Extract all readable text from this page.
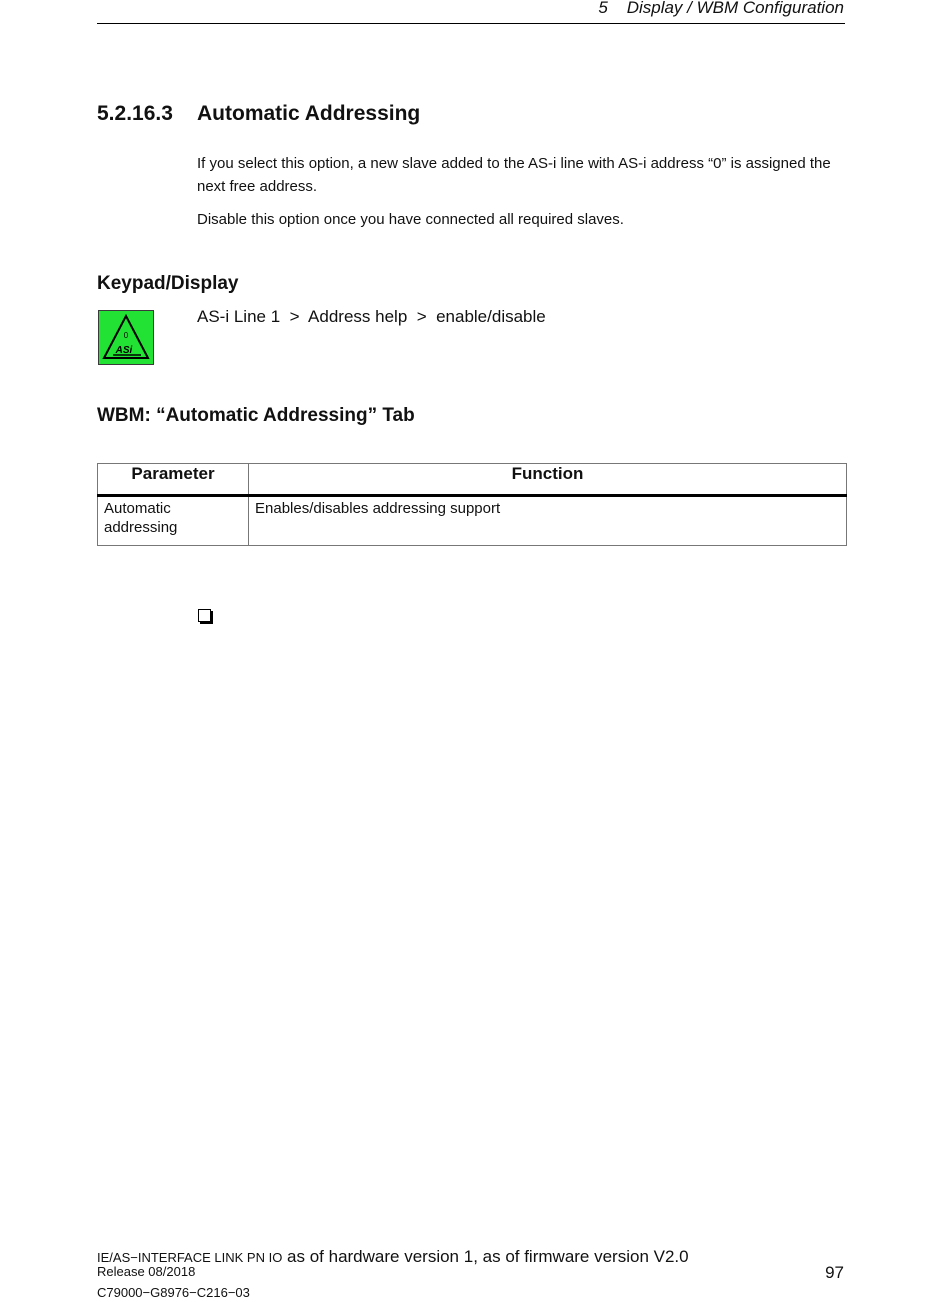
5    Display / WBM Configuration
5.2.16.3 Automatic Addressing
If you select this option, a new slave added to the AS-i line with AS-i address “0” is assigned the next free address.
Disable this option once you have connected all required slaves.
Keypad/Display
0
ASi
AS-i Line 1  >  Address help  >  enable/disable
WBM: “Automatic Addressing” Tab
Parameter	Function
Automatic addressing	Enables/disables addressing support
IE/AS−INTERFACE LINK PN IO as of hardware version 1, as of firmware version V2.0
Release 08/2018
C79000−G8976−C216−03
97
